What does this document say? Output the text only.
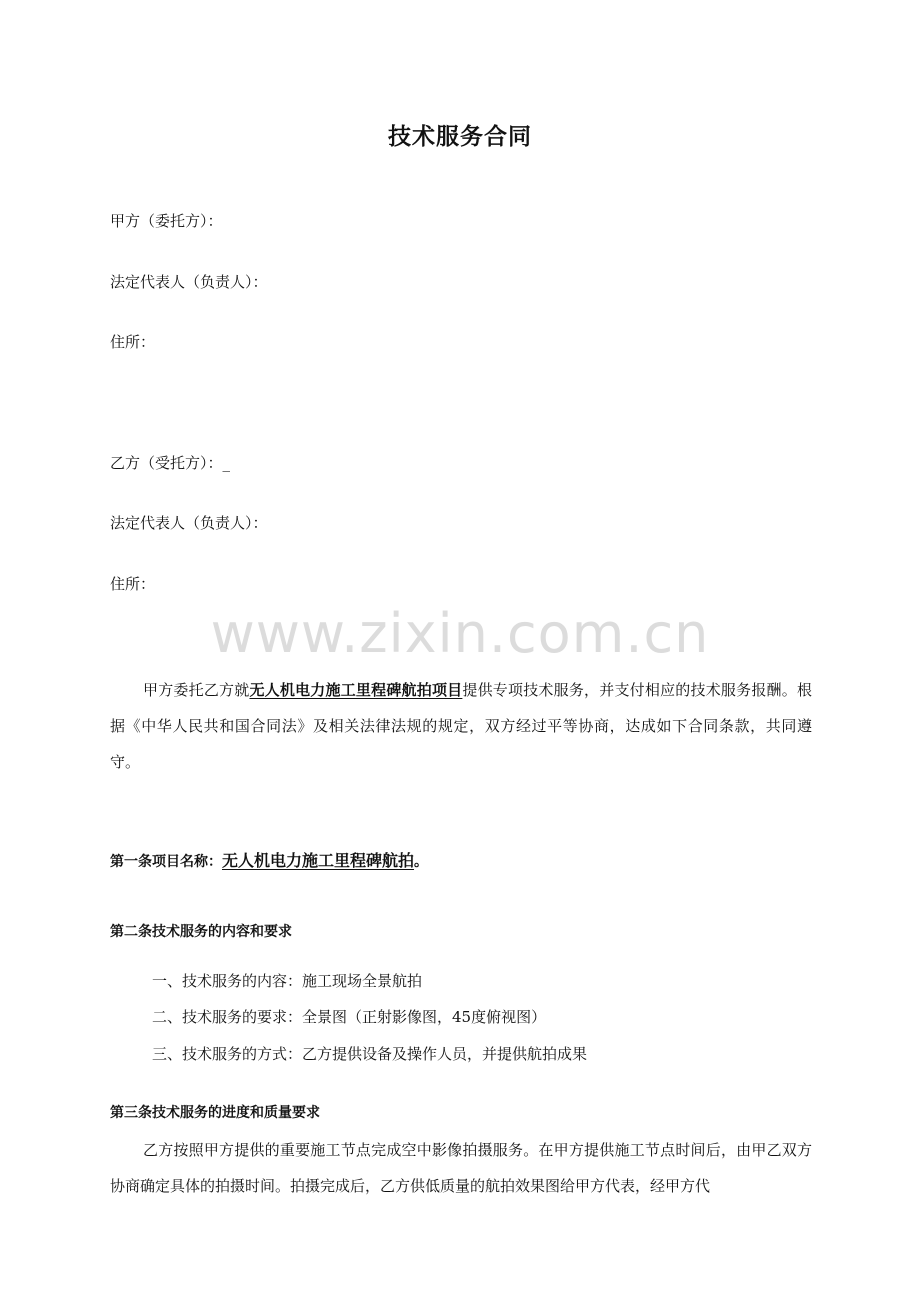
技术服务合同
甲方（委托方）：
法定代表人（负责人）：
住所：
乙方（受托方）：_
法定代表人（负责人）：
住所：
www.zixin.com.cn
甲方委托乙方就无人机电力施工里程碑航拍项目提供专项技术服务，并支付相应的技术服务报酬。根据《中华人民共和国合同法》及相关法律法规的规定，双方经过平等协商，达成如下合同条款，共同遵守。
第一条项目名称：无人机电力施工里程碑航拍。
第二条技术服务的内容和要求
一、技术服务的内容：施工现场全景航拍
二、技术服务的要求：全景图（正射影像图，45度俯视图）
三、技术服务的方式：乙方提供设备及操作人员，并提供航拍成果
第三条技术服务的进度和质量要求
乙方按照甲方提供的重要施工节点完成空中影像拍摄服务。在甲方提供施工节点时间后，由甲乙双方协商确定具体的拍摄时间。拍摄完成后，乙方供低质量的航拍效果图给甲方代表，经甲方代
